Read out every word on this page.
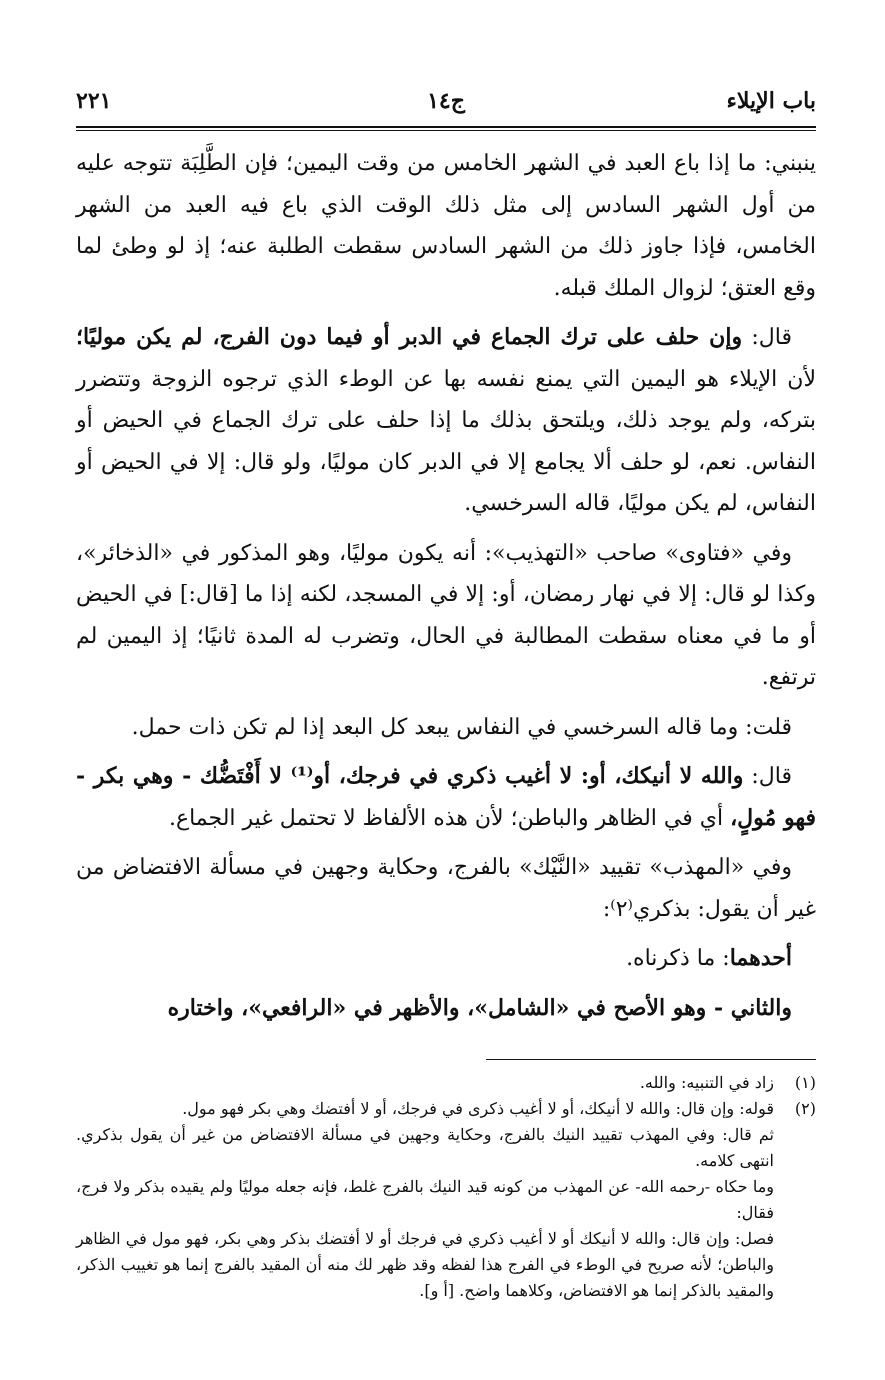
باب الإيلاء
ج١٤
٢٢١

ينبني: ما إذا باع العبد في الشهر الخامس من وقت اليمين؛ فإن الطَّلِبَة تتوجه عليه من أول الشهر السادس إلى مثل ذلك الوقت الذي باع فيه العبد من الشهر الخامس، فإذا جاوز ذلك من الشهر السادس سقطت الطلبة عنه؛ إذ لو وطئ لما وقع العتق؛ لزوال الملك قبله.

قال: وإن حلف على ترك الجماع في الدبر أو فيما دون الفرج، لم يكن موليًا؛ لأن الإيلاء هو اليمين التي يمنع نفسه بها عن الوطء الذي ترجوه الزوجة وتتضرر بتركه، ولم يوجد ذلك، ويلتحق بذلك ما إذا حلف على ترك الجماع في الحيض أو النفاس. نعم، لو حلف ألا يجامع إلا في الدبر كان موليًا، ولو قال: إلا في الحيض أو النفاس، لم يكن موليًا، قاله السرخسي.

وفي «فتاوى» صاحب «التهذيب»: أنه يكون موليًا، وهو المذكور في «الذخائر»، وكذا لو قال: إلا في نهار رمضان، أو: إلا في المسجد، لكنه إذا ما [قال:] في الحيض أو ما في معناه سقطت المطالبة في الحال، وتضرب له المدة ثانيًا؛ إذ اليمين لم ترتفع.

قلت: وما قاله السرخسي في النفاس يبعد كل البعد إذا لم تكن ذات حمل.

قال: والله لا أنيكك، أو: لا أغيب ذكري في فرجك، أو⁽¹⁾ لا أَفْتَضُّك - وهي بكر - فهو مُولٍ، أي في الظاهر والباطن؛ لأن هذه الألفاظ لا تحتمل غير الجماع.

وفي «المهذب» تقييد «النَّيْك» بالفرج، وحكاية وجهين في مسألة الافتضاض من غير أن يقول: بذكري⁽٢⁾:

أحدهما: ما ذكرناه.

والثاني - وهو الأصح في «الشامل»، والأظهر في «الرافعي»، واختاره

(١)

زاد في التنبيه: والله.

(٢)

قوله: وإن قال: والله لا أنيكك، أو لا أغيب ذكرى في فرجك، أو لا أفتضك وهي بكر فهو مول.

ثم قال: وفي المهذب تقييد النيك بالفرج، وحكاية وجهين في مسألة الافتضاض من غير أن يقول بذكري. انتهى كلامه.

وما حكاه -رحمه الله- عن المهذب من كونه قيد النيك بالفرج غلط، فإنه جعله موليًا ولم يقيده بذكر ولا فرج، فقال:

فصل: وإن قال: والله لا أنيكك أو لا أغيب ذكري في فرجك أو لا أفتضك بذكر وهي بكر، فهو مول في الظاهر والباطن؛ لأنه صريح في الوطء في الفرج هذا لفظه وقد ظهر لك منه أن المقيد بالفرج إنما هو تغييب الذكر، والمقيد بالذكر إنما هو الافتضاض، وكلاهما واضح. [أ و].
